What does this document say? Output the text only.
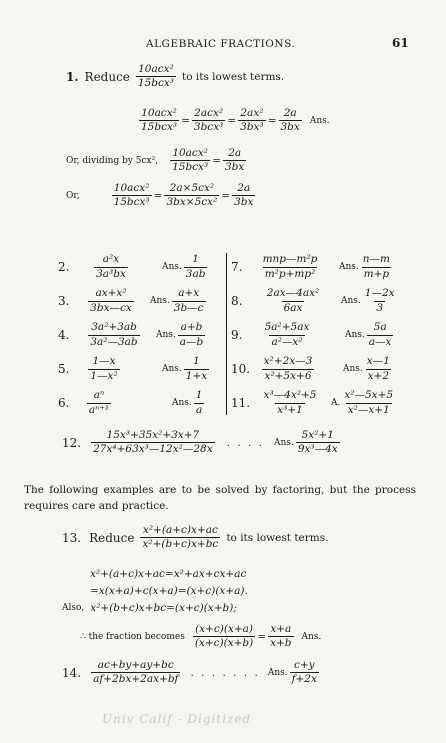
ALGEBRAIC FRACTIONS.	61
1. Reduce $\frac{\text{10acx²}}{\text{15bcx³}}$ to its lowest terms.
$\frac{\text{10acx²}}{\text{15bcx³}} = \frac{\text{2acx²}}{\text{3bcx³}} = \frac{\text{2ax²}}{\text{3bx³}} = \frac{2a}{3bx}$ Ans.
Or, dividing by 5cx², $\frac{\text{10acx²}}{\text{15bcx³}} = \frac{2a}{3bx}$
Or,	$\frac{\text{10acx²}}{\text{15bcx³}} = \frac{\text{2a×5cx²}}{\text{3bx×5cx²}} = \frac{2a}{3bx}$
2.	$\frac{\text{a²x}}{\text{3a³bx}}$	Ans. $\frac{1}{3ab}$
3.	$\frac{\text{ax+x²}}{3bx—cx}$ Ans. $\frac{a+x}{3b—c}$
4.	$\frac{\text{3a²+3ab}}{\text{3a²—3ab}}$ Ans. $\frac{a+b}{a—b}$
5.	$\frac{1—x}{\text{1—x²}}$	Ans. $\frac{1}{1+x}$
6.	$\frac{\text{aⁿ}}{\text{aⁿ⁺¹}}$	Ans. $\frac{1}{a}$
7.	$\frac{\text{mnp—m²p}}{\text{m²p+mp²}}$ Ans. $\frac{n—m}{m+p}$
8.	$\frac{\text{2ax—4ax²}}{6ax}$ Ans. $\frac{1—2x}{3}$
9.	$\frac{\text{5a²+5ax}}{\text{a²—x²}}$	Ans. $\frac{5a}{a—x}$
10. $\frac{\text{x²+2x—3}}{\text{x²+5x+6}}$ Ans. $\frac{x—1}{x+2}$
11. $\frac{\text{x³—4x²+5}}{\text{x³+1}} A$. $\frac{\text{x²—5x+5}}{\text{x²—x+1}}$
12. $\frac{\text{15x³+35x²+3x+7}}{\text{27x⁴+63x³—12x²—28x}}$ . . . . Ans. $\frac{\text{5x²+1}}{\text{9x³—4x}}$
The following examples are to be solved by factoring, but the process requires care and practice.
13. Reduce $\frac{\text{x²+(a+c)x+ac}}{\text{x²+(b+c)x+bc}}$ to its lowest terms.
x²+(a+c)x+ac=x²+ax+cx+ac
=x(x+a)+c(x+a)=(x+c)(x+a).
Also, x²+(b+c)x+bc=(x+c)(x+b);
∴ the fraction becomes $\frac{(x+c)(x+a)}{(x+c)(x+b)} = \frac{x+a}{x+b}$ Ans.
14. $\frac{ac+by+ay+bc}{af+2bx+2ax+bf}$ . . . . . . . Ans. $\frac{c+y}{f+2x}$
Univ Calif - Digitized
